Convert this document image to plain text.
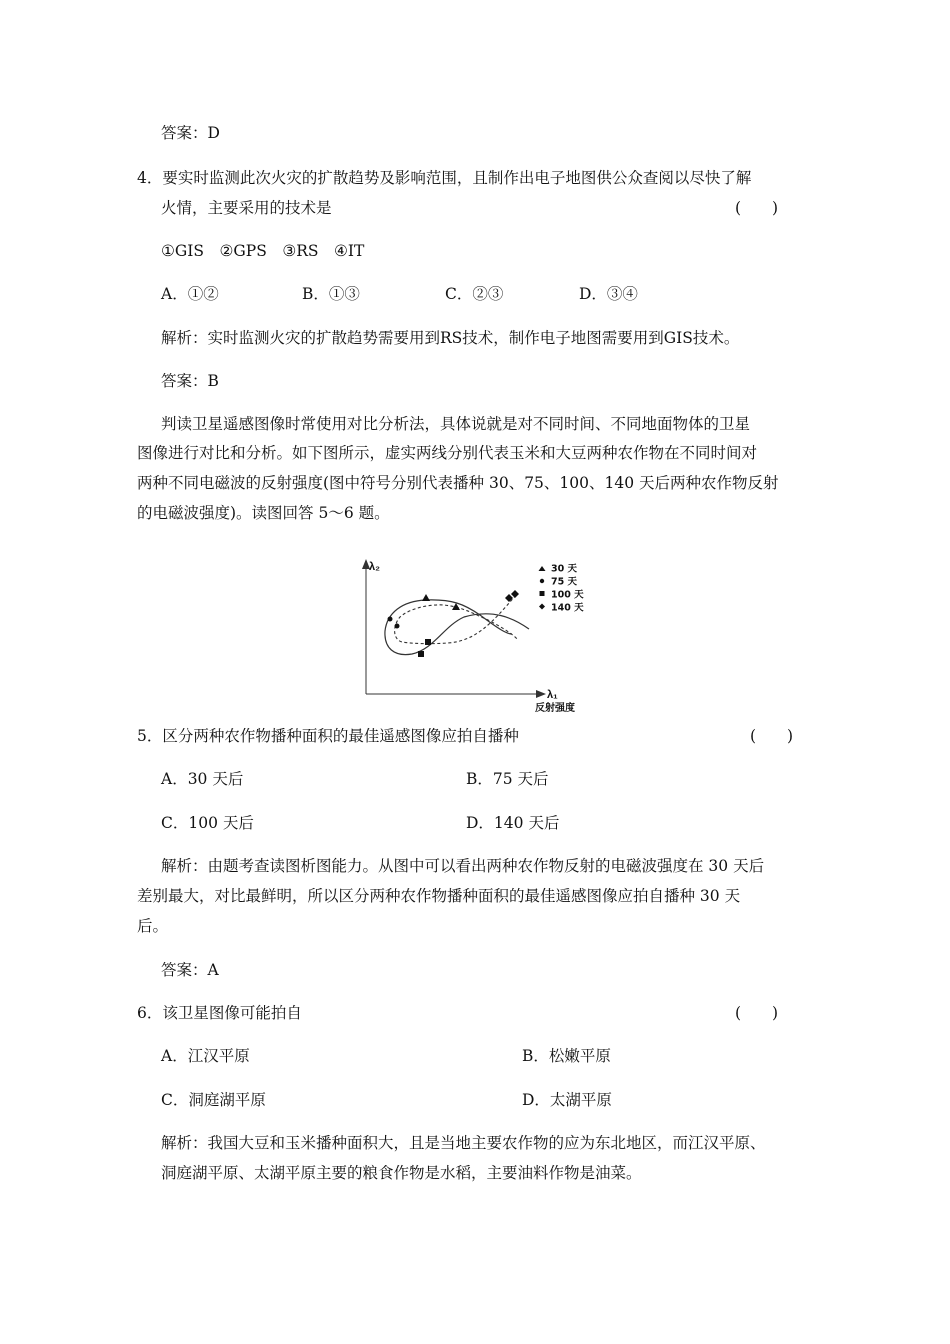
答案：D
4．要实时监测此次火灾的扩散趋势及影响范围，且制作出电子地图供公众查阅以尽快了解
火情，主要采用的技术是	(　　)
①GIS　②GPS　③RS　④IT
A．①②	B．①③	C．②③	D．③④
解析：实时监测火灾的扩散趋势需要用到RS技术，制作电子地图需要用到GIS技术。
答案：B
判读卫星遥感图像时常使用对比分析法，具体说就是对不同时间、不同地面物体的卫星
图像进行对比和分析。如下图所示，虚实两线分别代表玉米和大豆两种农作物在不同时间对
两种不同电磁波的反射强度(图中符号分别代表播种 30、75、100、140 天后两种农作物反射
的电磁波强度)。读图回答 5～6 题。
λ₂
λ₁
反射强度
30 天
75 天
100 天
140 天
5．区分两种农作物播种面积的最佳遥感图像应拍自播种	(　　)
A．30 天后	B．75 天后
C．100 天后	D．140 天后
解析：由题考查读图析图能力。从图中可以看出两种农作物反射的电磁波强度在 30 天后
差别最大，对比最鲜明，所以区分两种农作物播种面积的最佳遥感图像应拍自播种 30 天
后。
答案：A
6．该卫星图像可能拍自	(　　)
A．江汉平原	B．松嫩平原
C．洞庭湖平原	D．太湖平原
解析：我国大豆和玉米播种面积大，且是当地主要农作物的应为东北地区，而江汉平原、
洞庭湖平原、太湖平原主要的粮食作物是水稻，主要油料作物是油菜。
